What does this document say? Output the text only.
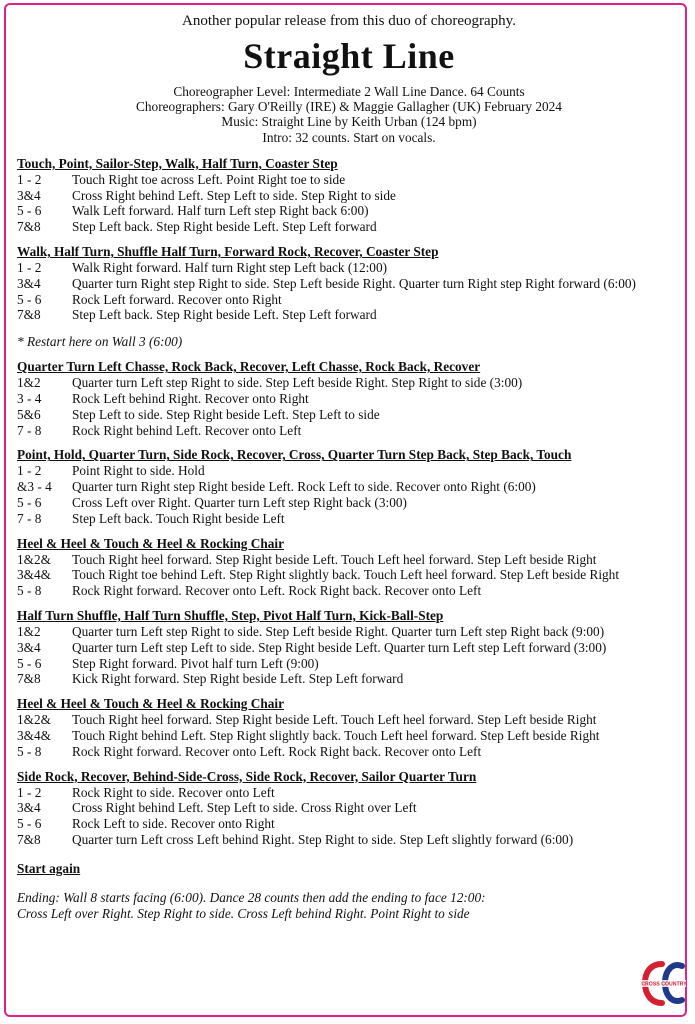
Another popular release from this duo of choreography.
Straight Line
Choreographer Level: Intermediate 2 Wall Line Dance. 64 Counts
Choreographers: Gary O'Reilly (IRE) & Maggie Gallagher (UK) February 2024
Music: Straight Line by Keith Urban (124 bpm)
Intro: 32 counts. Start on vocals.
Touch, Point, Sailor-Step, Walk, Half Turn, Coaster Step
1 - 2	Touch Right toe across Left. Point Right toe to side
3&4	Cross Right behind Left. Step Left to side. Step Right to side
5 - 6	Walk Left forward. Half turn Left step Right back 6:00)
7&8	Step Left back. Step Right beside Left. Step Left forward
Walk, Half Turn, Shuffle Half Turn, Forward Rock, Recover, Coaster Step
1 - 2	Walk Right forward. Half turn Right step Left back (12:00)
3&4	Quarter turn Right step Right to side. Step Left beside Right. Quarter turn Right step Right forward (6:00)
5 - 6	Rock Left forward. Recover onto Right
7&8	Step Left back. Step Right beside Left. Step Left forward
* Restart here on Wall 3 (6:00)
Quarter Turn Left Chasse, Rock Back, Recover, Left Chasse, Rock Back, Recover
1&2	Quarter turn Left step Right to side. Step Left beside Right. Step Right to side (3:00)
3 - 4	Rock Left behind Right. Recover onto Right
5&6	Step Left to side. Step Right beside Left. Step Left to side
7 - 8	Rock Right behind Left. Recover onto Left
Point, Hold, Quarter Turn, Side Rock, Recover, Cross, Quarter Turn Step Back, Step Back, Touch
1 - 2	Point Right to side. Hold
&3 - 4	Quarter turn Right step Right beside Left. Rock Left to side. Recover onto Right (6:00)
5 - 6	Cross Left over Right. Quarter turn Left step Right back (3:00)
7 - 8	Step Left back. Touch Right beside Left
Heel & Heel & Touch & Heel & Rocking Chair
1&2&	Touch Right heel forward. Step Right beside Left. Touch Left heel forward. Step Left beside Right
3&4&	Touch Right toe behind Left. Step Right slightly back. Touch Left heel forward. Step Left beside Right
5 - 8	Rock Right forward. Recover onto Left. Rock Right back. Recover onto Left
Half Turn Shuffle, Half Turn Shuffle, Step, Pivot Half Turn, Kick-Ball-Step
1&2	Quarter turn Left step Right to side. Step Left beside Right. Quarter turn Left step Right back (9:00)
3&4	Quarter turn Left step Left to side. Step Right beside Left. Quarter turn Left step Left forward (3:00)
5 - 6	Step Right forward. Pivot half turn Left (9:00)
7&8	Kick Right forward. Step Right beside Left. Step Left forward
Heel & Heel & Touch & Heel & Rocking Chair
1&2&	Touch Right heel forward. Step Right beside Left. Touch Left heel forward. Step Left beside Right
3&4&	Touch Right behind Left. Step Right slightly back. Touch Left heel forward. Step Left beside Right
5 - 8	Rock Right forward. Recover onto Left. Rock Right back. Recover onto Left
Side Rock, Recover, Behind-Side-Cross, Side Rock, Recover, Sailor Quarter Turn
1 - 2	Rock Right to side. Recover onto Left
3&4	Cross Right behind Left. Step Left to side. Cross Right over Left
5 - 6	Rock Left to side. Recover onto Right
7&8	Quarter turn Left cross Left behind Right. Step Right to side. Step Left slightly forward (6:00)
Start again
Ending: Wall 8 starts facing (6:00). Dance 28 counts then add the ending to face 12:00:
Cross Left over Right. Step Right to side. Cross Left behind Right. Point Right to side
CROSS COUNTRY
